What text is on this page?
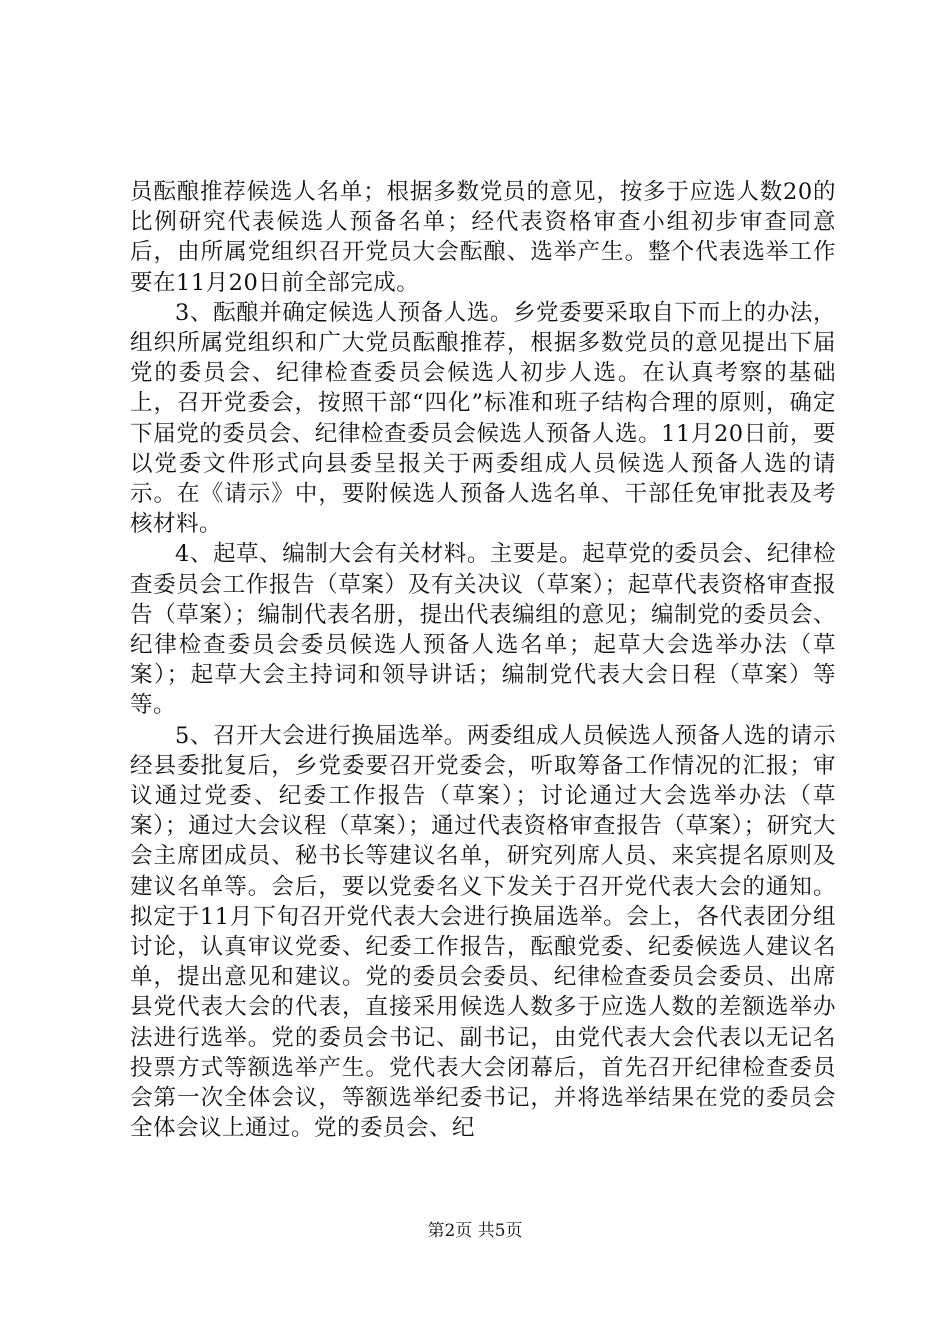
员酝酿推荐候选人名单；根据多数党员的意见，按多于应选人数20的比例研究代表候选人预备名单；经代表资格审查小组初步审查同意后，由所属党组织召开党员大会酝酿、选举产生。整个代表选举工作要在11月20日前全部完成。

3、酝酿并确定候选人预备人选。乡党委要采取自下而上的办法，组织所属党组织和广大党员酝酿推荐，根据多数党员的意见提出下届党的委员会、纪律检查委员会候选人初步人选。在认真考察的基础上，召开党委会，按照干部“四化”标准和班子结构合理的原则，确定下届党的委员会、纪律检查委员会候选人预备人选。11月20日前，要以党委文件形式向县委呈报关于两委组成人员候选人预备人选的请示。在《请示》中，要附候选人预备人选名单、干部任免审批表及考核材料。

4、起草、编制大会有关材料。主要是。起草党的委员会、纪律检查委员会工作报告（草案）及有关决议（草案）；起草代表资格审查报告（草案）；编制代表名册，提出代表编组的意见；编制党的委员会、纪律检查委员会委员候选人预备人选名单；起草大会选举办法（草案）；起草大会主持词和领导讲话；编制党代表大会日程（草案）等等。

5、召开大会进行换届选举。两委组成人员候选人预备人选的请示经县委批复后，乡党委要召开党委会，听取筹备工作情况的汇报；审议通过党委、纪委工作报告（草案）；讨论通过大会选举办法（草案）；通过大会议程（草案）；通过代表资格审查报告（草案）；研究大会主席团成员、秘书长等建议名单，研究列席人员、来宾提名原则及建议名单等。会后，要以党委名义下发关于召开党代表大会的通知。拟定于11月下旬召开党代表大会进行换届选举。会上，各代表团分组讨论，认真审议党委、纪委工作报告，酝酿党委、纪委候选人建议名单，提出意见和建议。党的委员会委员、纪律检查委员会委员、出席县党代表大会的代表，直接采用候选人数多于应选人数的差额选举办法进行选举。党的委员会书记、副书记，由党代表大会代表以无记名投票方式等额选举产生。党代表大会闭幕后，首先召开纪律检查委员会第一次全体会议，等额选举纪委书记，并将选举结果在党的委员会全体会议上通过。党的委员会、纪

第2页 共5页
